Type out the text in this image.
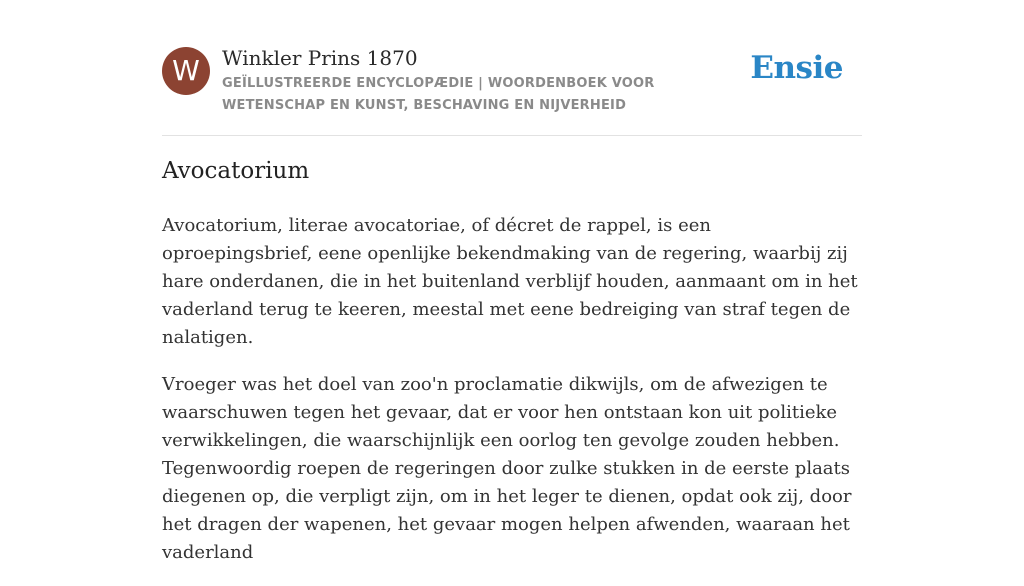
W	Winkler Prins 1870
GEÏLLUSTREERDE ENCYCLOPÆDIE | WOORDENBOEK VOOR WETENSCHAP EN KUNST, BESCHAVING EN NIJVERHEID
Ensie
Avocatorium

Avocatorium, literae avocatoriae, of décret de rappel, is een oproepingsbrief, eene openlijke bekendmaking van de regering, waarbij zij hare onderdanen, die in het buitenland verblijf houden, aanmaant om in het vaderland terug te keeren, meestal met eene bedreiging van straf tegen de nalatigen.

Vroeger was het doel van zoo'n proclamatie dikwijls, om de afwezigen te waarschuwen tegen het gevaar, dat er voor hen ontstaan kon uit politieke verwikkelingen, die waarschijnlijk een oorlog ten gevolge zouden hebben. Tegenwoordig roepen de regeringen door zulke stukken in de eerste plaats diegenen op, die verpligt zijn, om in het leger te dienen, opdat ook zij, door het dragen der wapenen, het gevaar mogen helpen afwenden, waaraan het vaderland
